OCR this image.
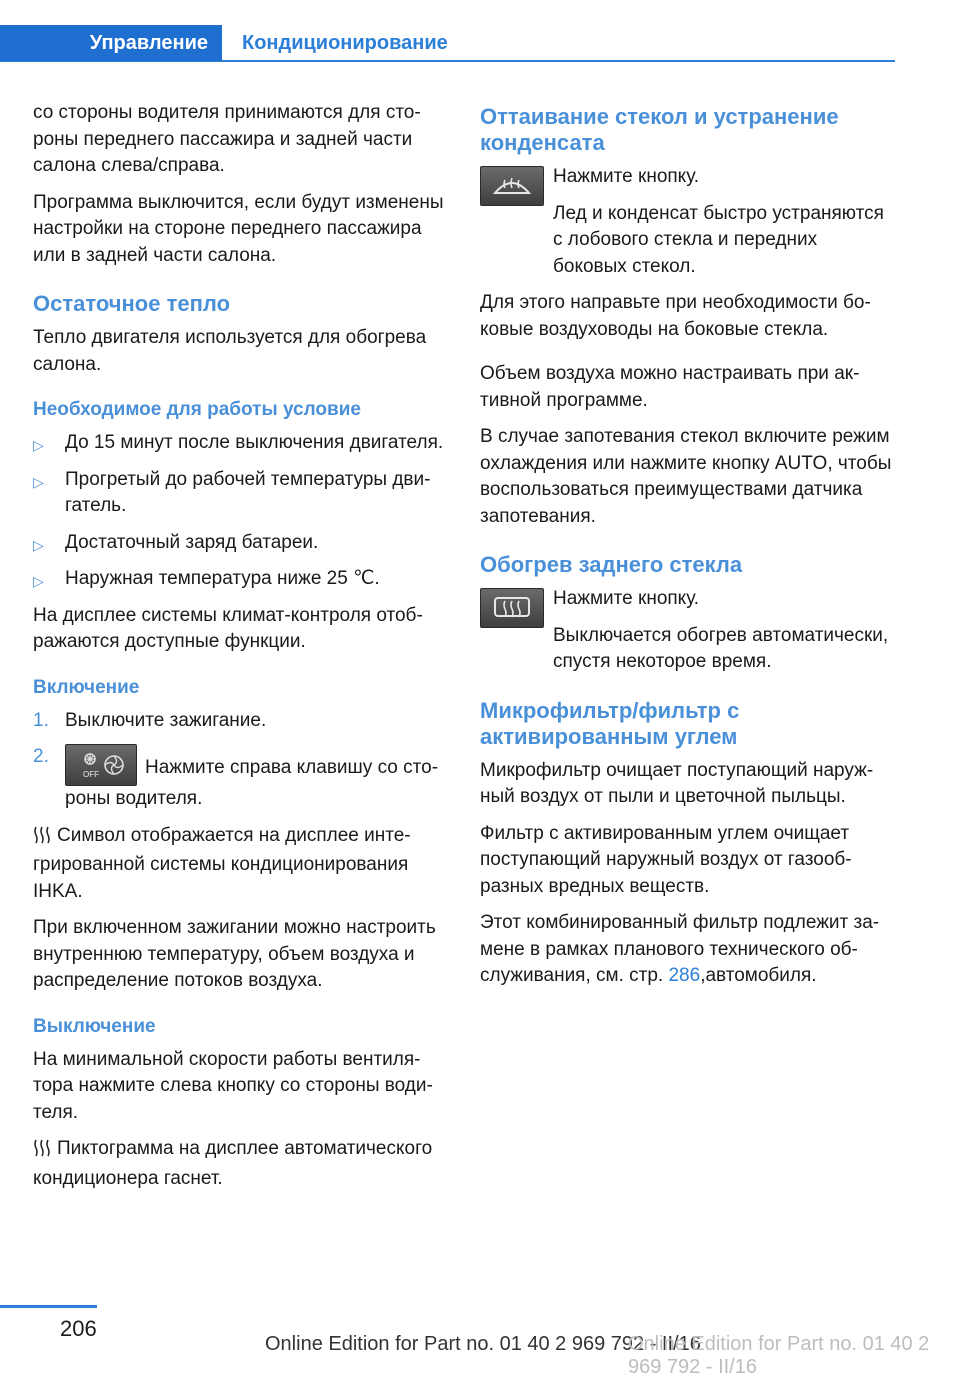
Управление	Кондиционирование

со стороны водителя принимаются для стороны переднего пассажира и задней части салона слева/справа.

Программа выключится, если будут изменены настройки на стороне переднего пассажира или в задней части салона.

Остаточное тепло

Тепло двигателя используется для обогрева салона.

Необходимое для работы условие
▷ До 15 минут после выключения двигателя.
▷ Прогретый до рабочей температуры двигатель.
▷ Достаточный заряд батареи.
▷ Наружная температура ниже 25 ℃.

На дисплее системы климат-контроля отображаются доступные функции.

Включение
1. Выключите зажигание.
2.
OFF Нажмите справа клавишу со стороны водителя.

Символ отображается на дисплее интегрированной системы кондиционирования IHKA.

При включенном зажигании можно настроить внутреннюю температуру, объем воздуха и распределение потоков воздуха.

Выключение

На минимальной скорости работы вентилятора нажмите слева кнопку со стороны водителя.

Пиктограмма на дисплее автоматического кондиционера гаснет.

Оттаивание стекол и устранение конденсата

Нажмите кнопку.

Лед и конденсат быстро устраняются с лобового стекла и передних боковых стекол.

Для этого направьте при необходимости боковые воздуховоды на боковые стекла.

Объем воздуха можно настраивать при активной программе.

В случае запотевания стекол включите режим охлаждения или нажмите кнопку AUTO, чтобы воспользоваться преимуществами датчика запотевания.

Обогрев заднего стекла

Нажмите кнопку.

Выключается обогрев автоматически, спустя некоторое время.

Микрофильтр/фильтр с активированным углем

Микрофильтр очищает поступающий наружный воздух от пыли и цветочной пыльцы.

Фильтр с активированным углем очищает поступающий наружный воздух от газообразных вредных веществ.

Этот комбинированный фильтр подлежит замене в рамках планового технического обслуживания, см. стр. 286,автомобиля.

206
Online Edition for Part no. 01 40 2 969 792 - II/16
Online Edition for Part no. 01 40 2 969 792 - II/16
